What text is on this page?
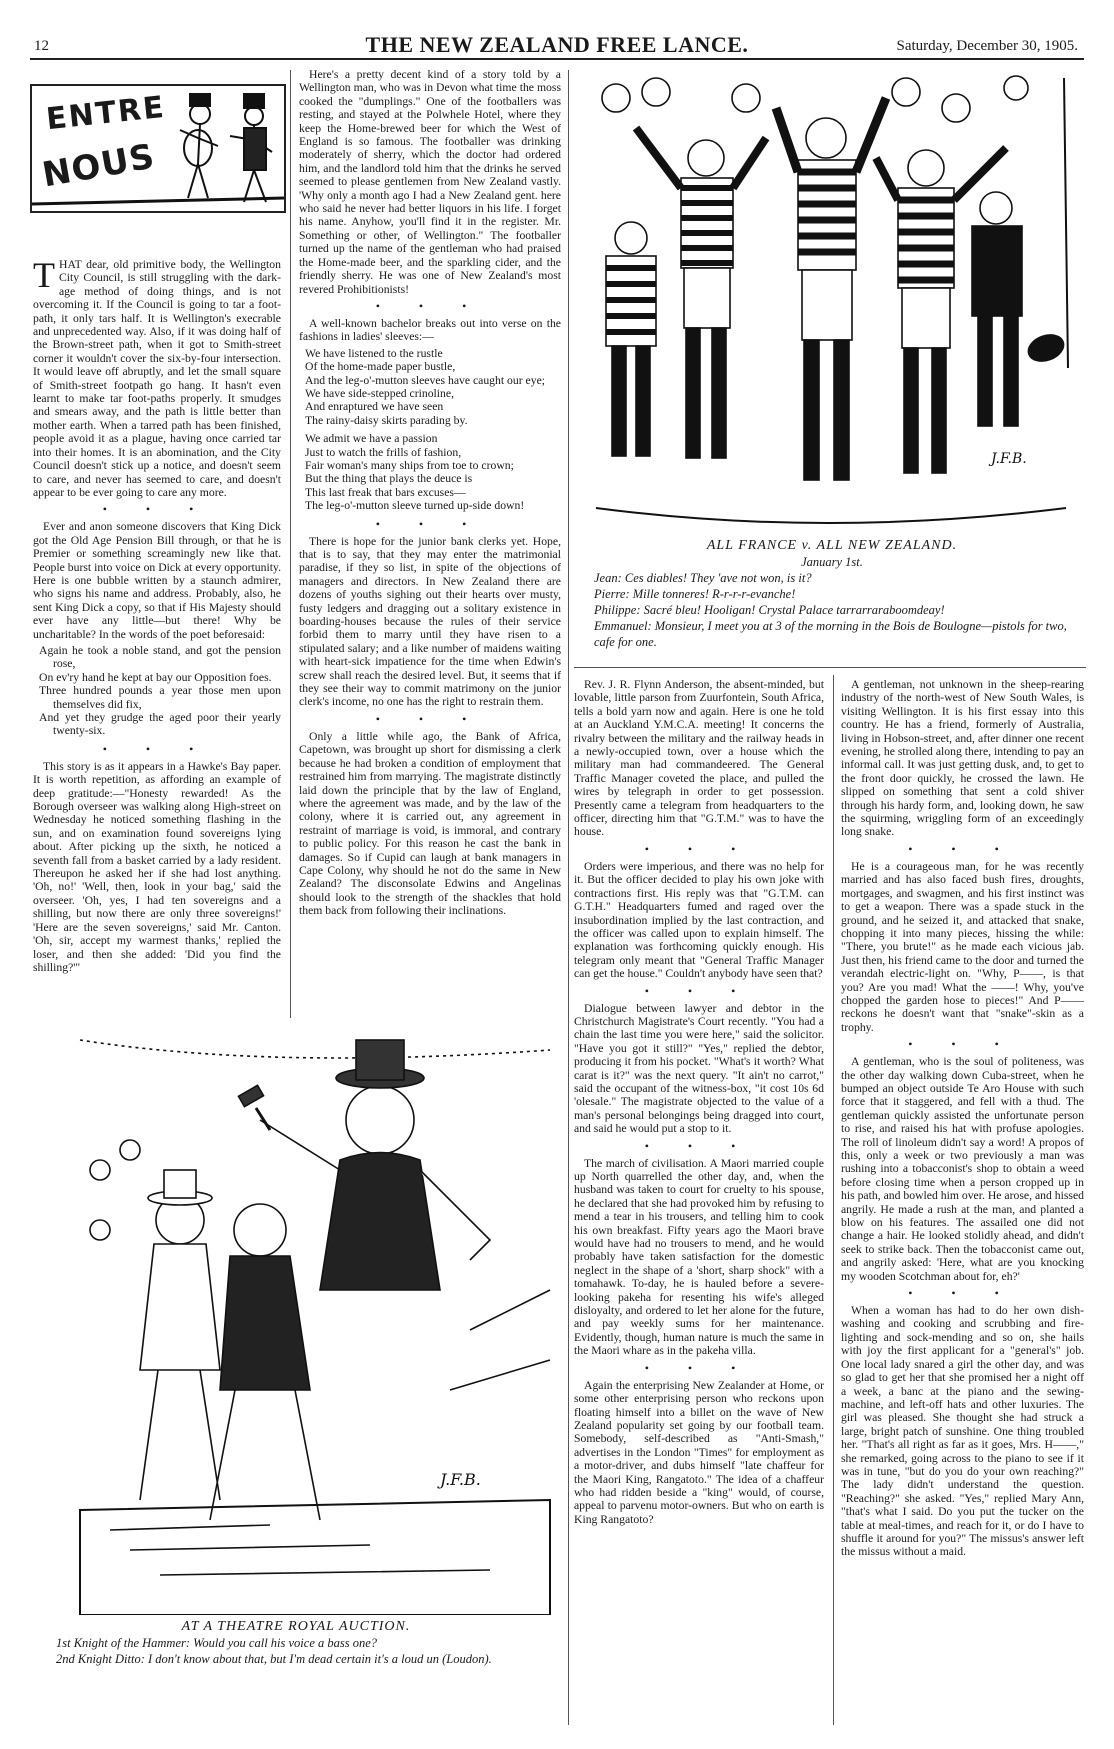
12	THE NEW ZEALAND FREE LANCE.	Saturday, December 30, 1905.
ENTRE
NOUS

THAT dear, old primitive body, the Wellington City Council, is still struggling with the dark-age method of doing things, and is not overcoming it. If the Council is going to tar a foot-path, it only tars half. It is Wellington's execrable and unprecedented way. Also, if it was doing half of the Brown-street path, when it got to Smith-street corner it wouldn't cover the six-by-four intersection. It would leave off abruptly, and let the small square of Smith-street footpath go hang. It hasn't even learnt to make tar foot-paths properly. It smudges and smears away, and the path is little better than mother earth. When a tarred path has been finished, people avoid it as a plague, having once carried tar into their homes. It is an abomination, and the City Council doesn't stick up a notice, and doesn't seem to care, and never has seemed to care, and doesn't appear to be ever going to care any more.

• • •

Ever and anon someone discovers that King Dick got the Old Age Pension Bill through, or that he is Premier or something screamingly new like that. People burst into voice on Dick at every opportunity. Here is one bubble written by a staunch admirer, who signs his name and address. Probably, also, he sent King Dick a copy, so that if His Majesty should ever have any little—but there! Why be uncharitable? In the words of the poet beforesaid:

Again he took a noble stand, and got the pension rose,
On ev'ry hand he kept at bay our Opposition foes.
Three hundred pounds a year those men upon themselves did fix,
And yet they grudge the aged poor their yearly twenty-six.
• • •

This story is as it appears in a Hawke's Bay paper. It is worth repetition, as affording an example of deep gratitude:—"Honesty rewarded! As the Borough overseer was walking along High-street on Wednesday he noticed something flashing in the sun, and on examination found sovereigns lying about. After picking up the sixth, he noticed a seventh fall from a basket carried by a lady resident. Thereupon he asked her if she had lost anything. 'Oh, no!' 'Well, then, look in your bag,' said the overseer. 'Oh, yes, I had ten sovereigns and a shilling, but now there are only three sovereigns!' 'Here are the seven sovereigns,' said Mr. Canton. 'Oh, sir, accept my warmest thanks,' replied the loser, and then she added: 'Did you find the shilling?'"

Here's a pretty decent kind of a story told by a Wellington man, who was in Devon what time the moss cooked the "dumplings." One of the footballers was resting, and stayed at the Polwhele Hotel, where they keep the Home-brewed beer for which the West of England is so famous. The footballer was drinking moderately of sherry, which the doctor had ordered him, and the landlord told him that the drinks he served seemed to please gentlemen from New Zealand vastly. 'Why only a month ago I had a New Zealand gent. here who said he never had better liquors in his life. I forget his name. Anyhow, you'll find it in the register. Mr. Something or other, of Wellington." The footballer turned up the name of the gentleman who had praised the Home-made beer, and the sparkling cider, and the friendly sherry. He was one of New Zealand's most revered Prohibitionists!

• • •

A well-known bachelor breaks out into verse on the fashions in ladies' sleeves:—

We have listened to the rustle
Of the home-made paper bustle,
And the leg-o'-mutton sleeves have caught our eye;
We have side-stepped crinoline,
And enraptured we have seen
The rainy-daisy skirts parading by.
We admit we have a passion
Just to watch the frills of fashion,
Fair woman's many ships from toe to crown;
But the thing that plays the deuce is
This last freak that bars excuses—
The leg-o'-mutton sleeve turned up-side down!
• • •

There is hope for the junior bank clerks yet. Hope, that is to say, that they may enter the matrimonial paradise, if they so list, in spite of the objections of managers and directors. In New Zealand there are dozens of youths sighing out their hearts over musty, fusty ledgers and dragging out a solitary existence in boarding-houses because the rules of their service forbid them to marry until they have risen to a stipulated salary; and a like number of maidens waiting with heart-sick impatience for the time when Edwin's screw shall reach the desired level. But, it seems that if they see their way to commit matrimony on the junior clerk's income, no one has the right to restrain them.

• • •

Only a little while ago, the Bank of Africa, Capetown, was brought up short for dismissing a clerk because he had broken a condition of employment that restrained him from marrying. The magistrate distinctly laid down the principle that by the law of England, where the agreement was made, and by the law of the colony, where it is carried out, any agreement in restraint of marriage is void, is immoral, and contrary to public policy. For this reason he cast the bank in damages. So if Cupid can laugh at bank managers in Cape Colony, why should he not do the same in New Zealand? The disconsolate Edwins and Angelinas should look to the strength of the shackles that hold them back from following their inclinations.

J.F.B.
ALL FRANCE v. ALL NEW ZEALAND.
January 1st.
Jean: Ces diables! They 'ave not won, is it?
Pierre: Mille tonneres! R-r-r-r-evanche!
Philippe: Sacré bleu! Hooligan! Crystal Palace tarrarraraboomdeay!
Emmanuel: Monsieur, I meet you at 3 of the morning in the Bois de Boulogne—pistols for two, cafe for one.

Rev. J. R. Flynn Anderson, the absent-minded, but lovable, little parson from Zuurfontein, South Africa, tells a bold yarn now and again. Here is one he told at an Auckland Y.M.C.A. meeting! It concerns the rivalry between the military and the railway heads in a newly-occupied town, over a house which the military man had commandeered. The General Traffic Manager coveted the place, and pulled the wires by telegraph in order to get possession. Presently came a telegram from headquarters to the officer, directing him that "G.T.M." was to have the house.

• • •

Orders were imperious, and there was no help for it. But the officer decided to play his own joke with contractions first. His reply was that "G.T.M. can G.T.H." Headquarters fumed and raged over the insubordination implied by the last contraction, and the officer was called upon to explain himself. The explanation was forthcoming quickly enough. His telegram only meant that "General Traffic Manager can get the house." Couldn't anybody have seen that?

• • •

Dialogue between lawyer and debtor in the Christchurch Magistrate's Court recently. "You had a chain the last time you were here," said the solicitor. "Have you got it still?" "Yes," replied the debtor, producing it from his pocket. "What's it worth? What carat is it?" was the next query. "It ain't no carrot," said the occupant of the witness-box, "it cost 10s 6d 'olesale." The magistrate objected to the value of a man's personal belongings being dragged into court, and said he would put a stop to it.

• • •

The march of civilisation. A Maori married couple up North quarrelled the other day, and, when the husband was taken to court for cruelty to his spouse, he declared that she had provoked him by refusing to mend a tear in his trousers, and telling him to cook his own breakfast. Fifty years ago the Maori brave would have had no trousers to mend, and he would probably have taken satisfaction for the domestic neglect in the shape of a 'short, sharp shock" with a tomahawk. To-day, he is hauled before a severe-looking pakeha for resenting his wife's alleged disloyalty, and ordered to let her alone for the future, and pay weekly sums for her maintenance. Evidently, though, human nature is much the same in the Maori whare as in the pakeha villa.

• • •

Again the enterprising New Zealander at Home, or some other enterprising person who reckons upon floating himself into a billet on the wave of New Zealand popularity set going by our football team. Somebody, self-described as "Anti-Smash," advertises in the London "Times" for employment as a motor-driver, and dubs himself "late chaffeur for the Maori King, Rangatoto." The idea of a chaffeur who had ridden beside a "king" would, of course, appeal to parvenu motor-owners. But who on earth is King Rangatoto?

A gentleman, not unknown in the sheep-rearing industry of the north-west of New South Wales, is visiting Wellington. It is his first essay into this country. He has a friend, formerly of Australia, living in Hobson-street, and, after dinner one recent evening, he strolled along there, intending to pay an informal call. It was just getting dusk, and, to get to the front door quickly, he crossed the lawn. He slipped on something that sent a cold shiver through his hardy form, and, looking down, he saw the squirming, wriggling form of an exceedingly long snake.

• • •

He is a courageous man, for he was recently married and has also faced bush fires, droughts, mortgages, and swagmen, and his first instinct was to get a weapon. There was a spade stuck in the ground, and he seized it, and attacked that snake, chopping it into many pieces, hissing the while: "There, you brute!" as he made each vicious jab. Just then, his friend came to the door and turned the verandah electric-light on. "Why, P——, is that you? Are you mad! What the ——! Why, you've chopped the garden hose to pieces!" And P—— reckons he doesn't want that "snake"-skin as a trophy.

• • •

A gentleman, who is the soul of politeness, was the other day walking down Cuba-street, when he bumped an object outside Te Aro House with such force that it staggered, and fell with a thud. The gentleman quickly assisted the unfortunate person to rise, and raised his hat with profuse apologies. The roll of linoleum didn't say a word! A propos of this, only a week or two previously a man was rushing into a tobacconist's shop to obtain a weed before closing time when a person cropped up in his path, and bowled him over. He arose, and hissed angrily. He made a rush at the man, and planted a blow on his features. The assailed one did not change a hair. He looked stolidly ahead, and didn't seek to strike back. Then the tobacconist came out, and angrily asked: 'Here, what are you knocking my wooden Scotchman about for, eh?'

• • •

When a woman has had to do her own dish-washing and cooking and scrubbing and fire-lighting and sock-mending and so on, she hails with joy the first applicant for a "general's" job. One local lady snared a girl the other day, and was so glad to get her that she promised her a night off a week, a banc at the piano and the sewing-machine, and left-off hats and other luxuries. The girl was pleased. She thought she had struck a large, bright patch of sunshine. One thing troubled her. "That's all right as far as it goes, Mrs. H——," she remarked, going across to the piano to see if it was in tune, "but do you do your own reaching?" The lady didn't understand the question. "Reaching?" she asked. "Yes," replied Mary Ann, "that's what I said. Do you put the tucker on the table at meal-times, and reach for it, or do I have to shuffle it around for you?" The missus's answer left the missus without a maid.

J.F.B.
AT A THEATRE ROYAL AUCTION.
1st Knight of the Hammer: Would you call his voice a bass one?
2nd Knight Ditto: I don't know about that, but I'm dead certain it's a loud un (Loudon).
